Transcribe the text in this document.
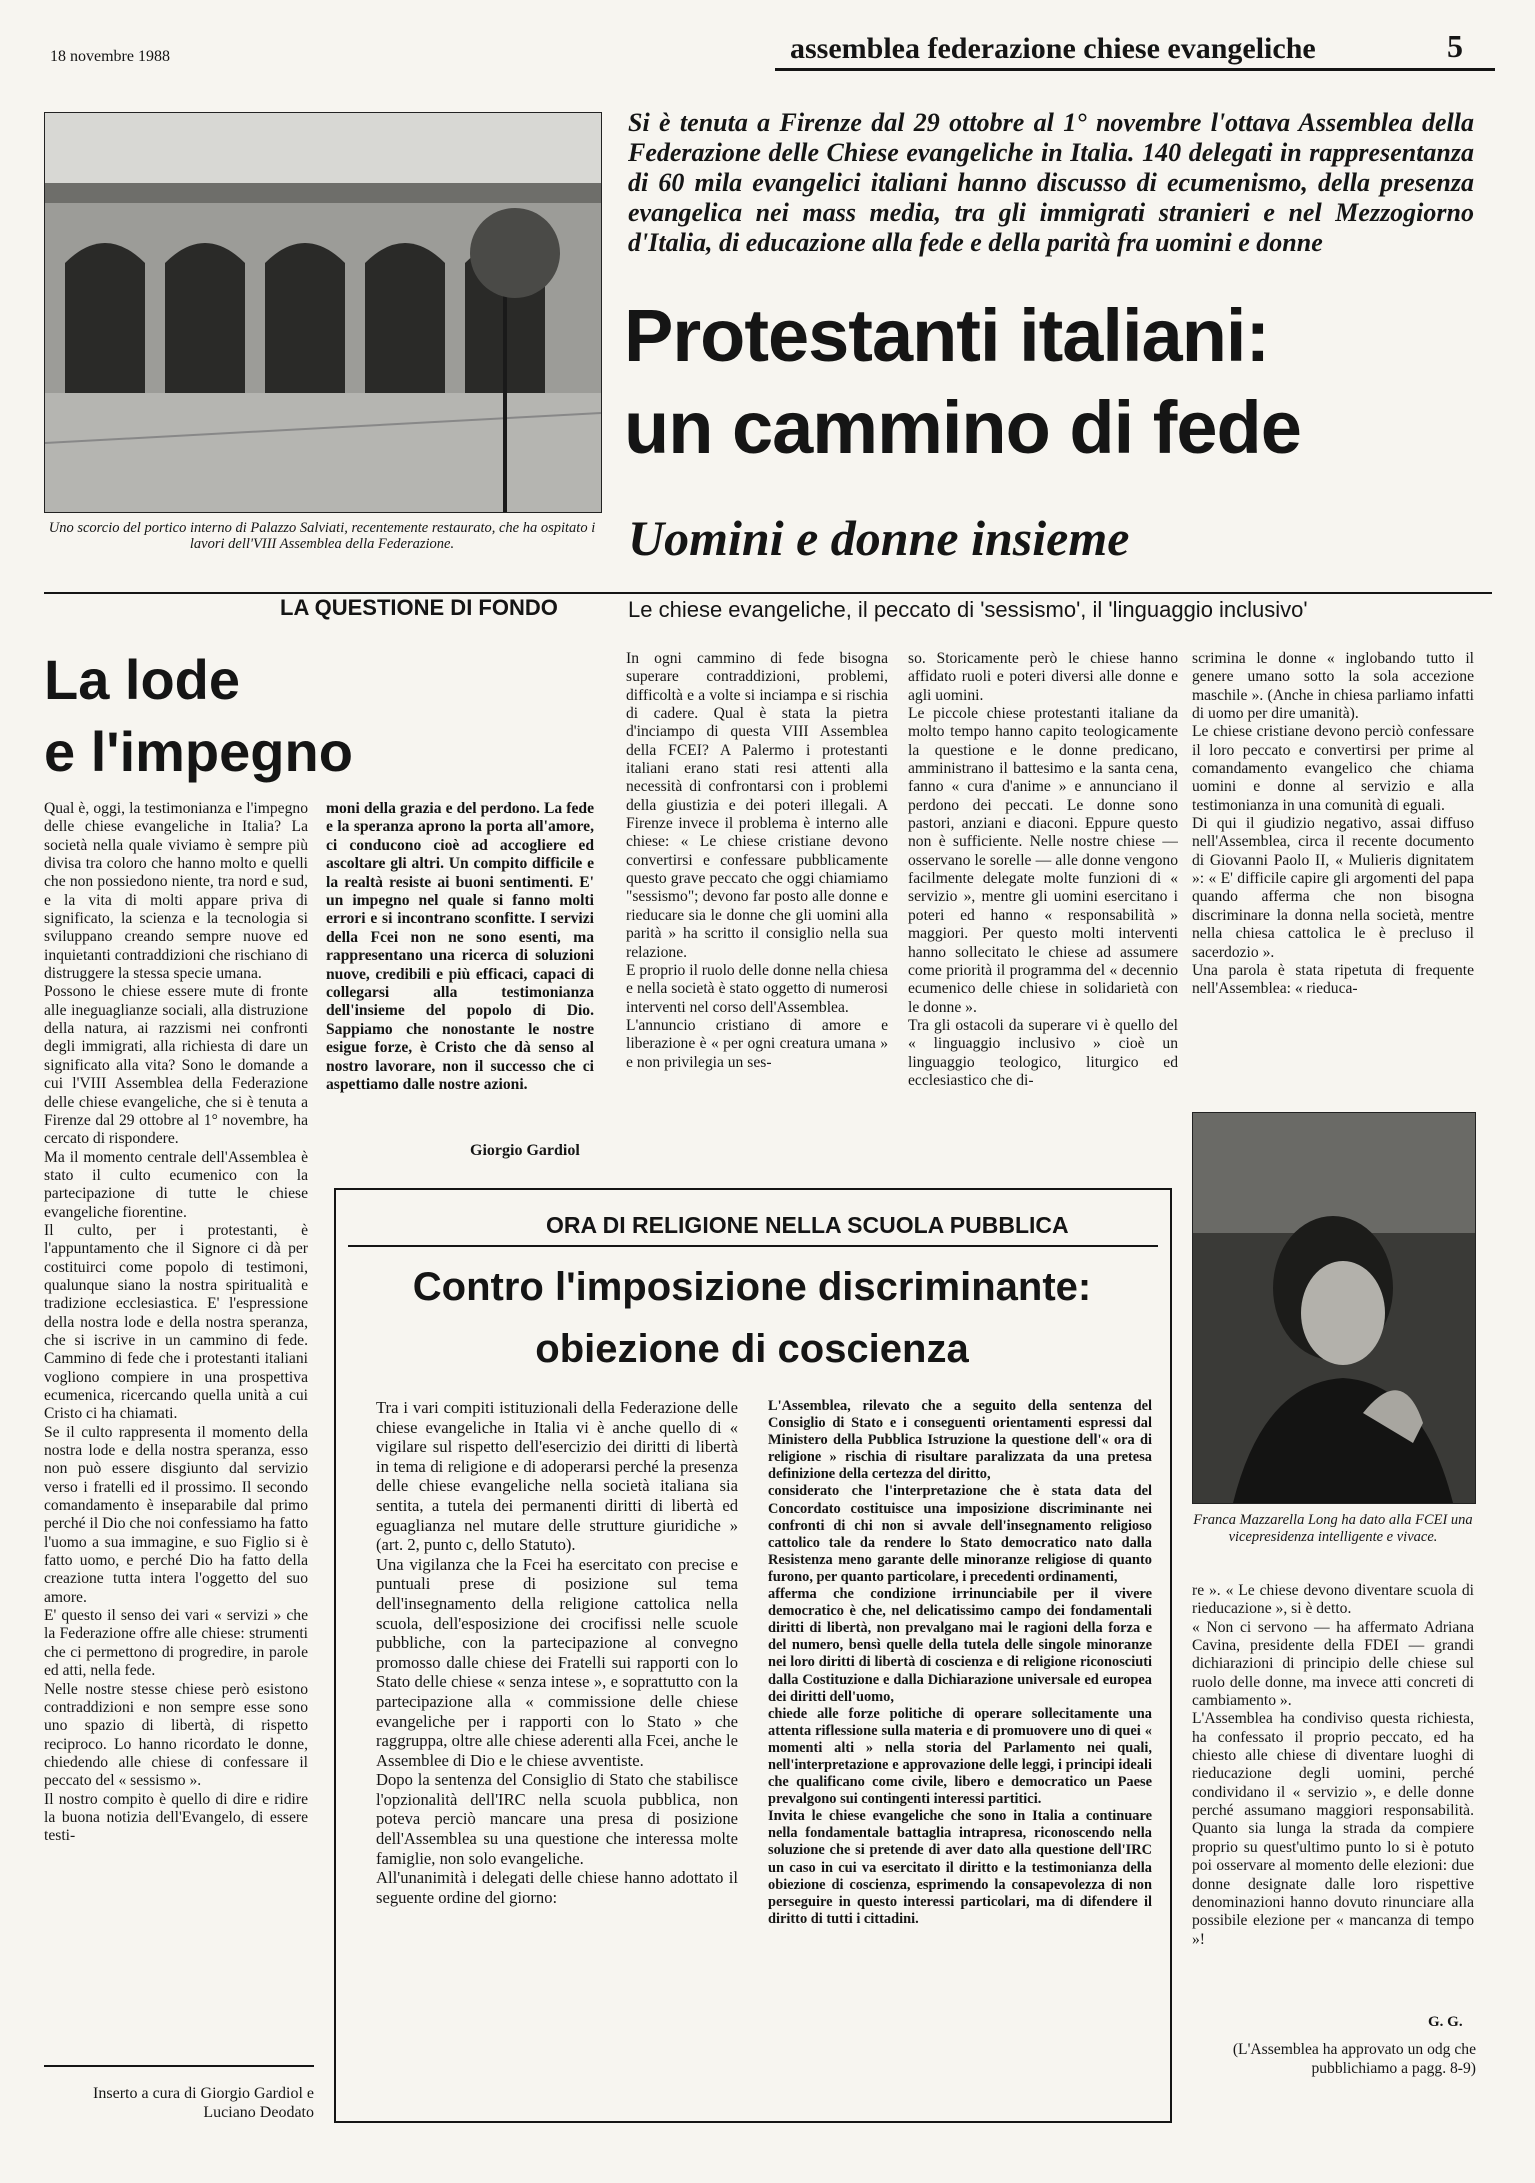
18 novembre 1988	assemblea federazione chiese evangeliche	5
Uno scorcio del portico interno di Palazzo Salviati, recentemente restaurato, che ha ospitato i lavori dell'VIII Assemblea della Federazione.
Si è tenuta a Firenze dal 29 ottobre al 1° novembre l'ottava Assemblea della Federazione delle Chiese evangeliche in Italia. 140 delegati in rappresentanza di 60 mila evangelici italiani hanno discusso di ecumenismo, della presenza evangelica nei mass media, tra gli immigrati stranieri e nel Mezzogiorno d'Italia, di educazione alla fede e della parità fra uomini e donne
Protestanti italiani:
un cammino di fede
Uomini e donne insieme
LA QUESTIONE DI FONDO	Le chiese evangeliche, il peccato di 'sessismo', il 'linguaggio inclusivo'
La lode
e l'impegno
Qual è, oggi, la testimonianza e l'impegno delle chiese evangeliche in Italia? La società nella quale viviamo è sempre più divisa tra coloro che hanno molto e quelli che non possiedono niente, tra nord e sud, e la vita di molti appare priva di significato, la scienza e la tecnologia si sviluppano creando sempre nuove ed inquietanti contraddizioni che rischiano di distruggere la stessa specie umana.
Possono le chiese essere mute di fronte alle ineguaglianze sociali, alla distruzione della natura, ai razzismi nei confronti degli immigrati, alla richiesta di dare un significato alla vita? Sono le domande a cui l'VIII Assemblea della Federazione delle chiese evangeliche, che si è tenuta a Firenze dal 29 ottobre al 1° novembre, ha cercato di rispondere.
Ma il momento centrale dell'Assemblea è stato il culto ecumenico con la partecipazione di tutte le chiese evangeliche fiorentine.
Il culto, per i protestanti, è l'appuntamento che il Signore ci dà per costituirci come popolo di testimoni, qualunque siano la nostra spiritualità e tradizione ecclesiastica. E' l'espressione della nostra lode e della nostra speranza, che si iscrive in un cammino di fede. Cammino di fede che i protestanti italiani vogliono compiere in una prospettiva ecumenica, ricercando quella unità a cui Cristo ci ha chiamati.
Se il culto rappresenta il momento della nostra lode e della nostra speranza, esso non può essere disgiunto dal servizio verso i fratelli ed il prossimo. Il secondo comandamento è inseparabile dal primo perché il Dio che noi confessiamo ha fatto l'uomo a sua immagine, e suo Figlio si è fatto uomo, e perché Dio ha fatto della creazione tutta intera l'oggetto del suo amore.
E' questo il senso dei vari « servizi » che la Federazione offre alle chiese: strumenti che ci permettono di progredire, in parole ed atti, nella fede.
Nelle nostre stesse chiese però esistono contraddizioni e non sempre esse sono uno spazio di libertà, di rispetto reciproco. Lo hanno ricordato le donne, chiedendo alle chiese di confessare il peccato del « sessismo ».
Il nostro compito è quello di dire e ridire la buona notizia dell'Evangelo, di essere testi-
moni della grazia e del perdono. La fede e la speranza aprono la porta all'amore, ci conducono cioè ad accogliere ed ascoltare gli altri. Un compito difficile e la realtà resiste ai buoni sentimenti. E' un impegno nel quale si fanno molti errori e si incontrano sconfitte. I servizi della Fcei non ne sono esenti, ma rappresentano una ricerca di soluzioni nuove, credibili e più efficaci, capaci di collegarsi alla testimonianza dell'insieme del popolo di Dio. Sappiamo che nonostante le nostre esigue forze, è Cristo che dà senso al nostro lavorare, non il successo che ci aspettiamo dalle nostre azioni.
Giorgio Gardiol
In ogni cammino di fede bisogna superare contraddizioni, problemi, difficoltà e a volte si inciampa e si rischia di cadere. Qual è stata la pietra d'inciampo di questa VIII Assemblea della FCEI? A Palermo i protestanti italiani erano stati resi attenti alla necessità di confrontarsi con i problemi della giustizia e dei poteri illegali. A Firenze invece il problema è interno alle chiese: « Le chiese cristiane devono convertirsi e confessare pubblicamente questo grave peccato che oggi chiamiamo "sessismo"; devono far posto alle donne e rieducare sia le donne che gli uomini alla parità » ha scritto il consiglio nella sua relazione.
E proprio il ruolo delle donne nella chiesa e nella società è stato oggetto di numerosi interventi nel corso dell'Assemblea.
L'annuncio cristiano di amore e liberazione è « per ogni creatura umana » e non privilegia un ses-
so. Storicamente però le chiese hanno affidato ruoli e poteri diversi alle donne e agli uomini.
Le piccole chiese protestanti italiane da molto tempo hanno capito teologicamente la questione e le donne predicano, amministrano il battesimo e la santa cena, fanno « cura d'anime » e annunciano il perdono dei peccati. Le donne sono pastori, anziani e diaconi. Eppure questo non è sufficiente. Nelle nostre chiese — osservano le sorelle — alle donne vengono facilmente delegate molte funzioni di « servizio », mentre gli uomini esercitano i poteri ed hanno « responsabilità » maggiori. Per questo molti interventi hanno sollecitato le chiese ad assumere come priorità il programma del « decennio ecumenico delle chiese in solidarietà con le donne ».
Tra gli ostacoli da superare vi è quello del « linguaggio inclusivo » cioè un linguaggio teologico, liturgico ed ecclesiastico che di-
scrimina le donne « inglobando tutto il genere umano sotto la sola accezione maschile ». (Anche in chiesa parliamo infatti di uomo per dire umanità).
Le chiese cristiane devono perciò confessare il loro peccato e convertirsi per prime al comandamento evangelico che chiama uomini e donne al servizio e alla testimonianza in una comunità di eguali.
Di qui il giudizio negativo, assai diffuso nell'Assemblea, circa il recente documento di Giovanni Paolo II, « Mulieris dignitatem »: « E' difficile capire gli argomenti del papa quando afferma che non bisogna discriminare la donna nella società, mentre nella chiesa cattolica le è precluso il sacerdozio ».
Una parola è stata ripetuta di frequente nell'Assemblea: « rieduca-
Franca Mazzarella Long ha dato alla FCEI una vicepresidenza intelligente e vivace.
re ». « Le chiese devono diventare scuola di rieducazione », si è detto.
« Non ci servono — ha affermato Adriana Cavina, presidente della FDEI — grandi dichiarazioni di principio delle chiese sul ruolo delle donne, ma invece atti concreti di cambiamento ».
L'Assemblea ha condiviso questa richiesta, ha confessato il proprio peccato, ed ha chiesto alle chiese di diventare luoghi di rieducazione degli uomini, perché condividano il « servizio », e delle donne perché assumano maggiori responsabilità. Quanto sia lunga la strada da compiere proprio su quest'ultimo punto lo si è potuto poi osservare al momento delle elezioni: due donne designate dalle loro rispettive denominazioni hanno dovuto rinunciare alla possibile elezione per « mancanza di tempo »!
G. G.
(L'Assemblea ha approvato un odg che pubblichiamo a pagg. 8-9)
ORA DI RELIGIONE NELLA SCUOLA PUBBLICA
Contro l'imposizione discriminante:
obiezione di coscienza
Tra i vari compiti istituzionali della Federazione delle chiese evangeliche in Italia vi è anche quello di « vigilare sul rispetto dell'esercizio dei diritti di libertà in tema di religione e di adoperarsi perché la presenza delle chiese evangeliche nella società italiana sia sentita, a tutela dei permanenti diritti di libertà ed eguaglianza nel mutare delle strutture giuridiche » (art. 2, punto c, dello Statuto).
Una vigilanza che la Fcei ha esercitato con precise e puntuali prese di posizione sul tema dell'insegnamento della religione cattolica nella scuola, dell'esposizione dei crocifissi nelle scuole pubbliche, con la partecipazione al convegno promosso dalle chiese dei Fratelli sui rapporti con lo Stato delle chiese « senza intese », e soprattutto con la partecipazione alla « commissione delle chiese evangeliche per i rapporti con lo Stato » che raggruppa, oltre alle chiese aderenti alla Fcei, anche le Assemblee di Dio e le chiese avventiste.
Dopo la sentenza del Consiglio di Stato che stabilisce l'opzionalità dell'IRC nella scuola pubblica, non poteva perciò mancare una presa di posizione dell'Assemblea su una questione che interessa molte famiglie, non solo evangeliche.
All'unanimità i delegati delle chiese hanno adottato il seguente ordine del giorno:
L'Assemblea, rilevato che a seguito della sentenza del Consiglio di Stato e i conseguenti orientamenti espressi dal Ministero della Pubblica Istruzione la questione dell'« ora di religione » rischia di risultare paralizzata da una pretesa definizione della certezza del diritto,
considerato che l'interpretazione che è stata data del Concordato costituisce una imposizione discriminante nei confronti di chi non si avvale dell'insegnamento religioso cattolico tale da rendere lo Stato democratico nato dalla Resistenza meno garante delle minoranze religiose di quanto furono, per quanto particolare, i precedenti ordinamenti,
afferma che condizione irrinunciabile per il vivere democratico è che, nel delicatissimo campo dei fondamentali diritti di libertà, non prevalgano mai le ragioni della forza e del numero, bensì quelle della tutela delle singole minoranze nei loro diritti di libertà di coscienza e di religione riconosciuti dalla Costituzione e dalla Dichiarazione universale ed europea dei diritti dell'uomo,
chiede alle forze politiche di operare sollecitamente una attenta riflessione sulla materia e di promuovere uno di quei « momenti alti » nella storia del Parlamento nei quali, nell'interpretazione e approvazione delle leggi, i principi ideali che qualificano come civile, libero e democratico un Paese prevalgono sui contingenti interessi partitici.
Invita le chiese evangeliche che sono in Italia a continuare nella fondamentale battaglia intrapresa, riconoscendo nella soluzione che si pretende di aver dato alla questione dell'IRC un caso in cui va esercitato il diritto e la testimonianza della obiezione di coscienza, esprimendo la consapevolezza di non perseguire in questo interessi particolari, ma di difendere il diritto di tutti i cittadini.
Inserto a cura di Giorgio Gardiol e Luciano Deodato
